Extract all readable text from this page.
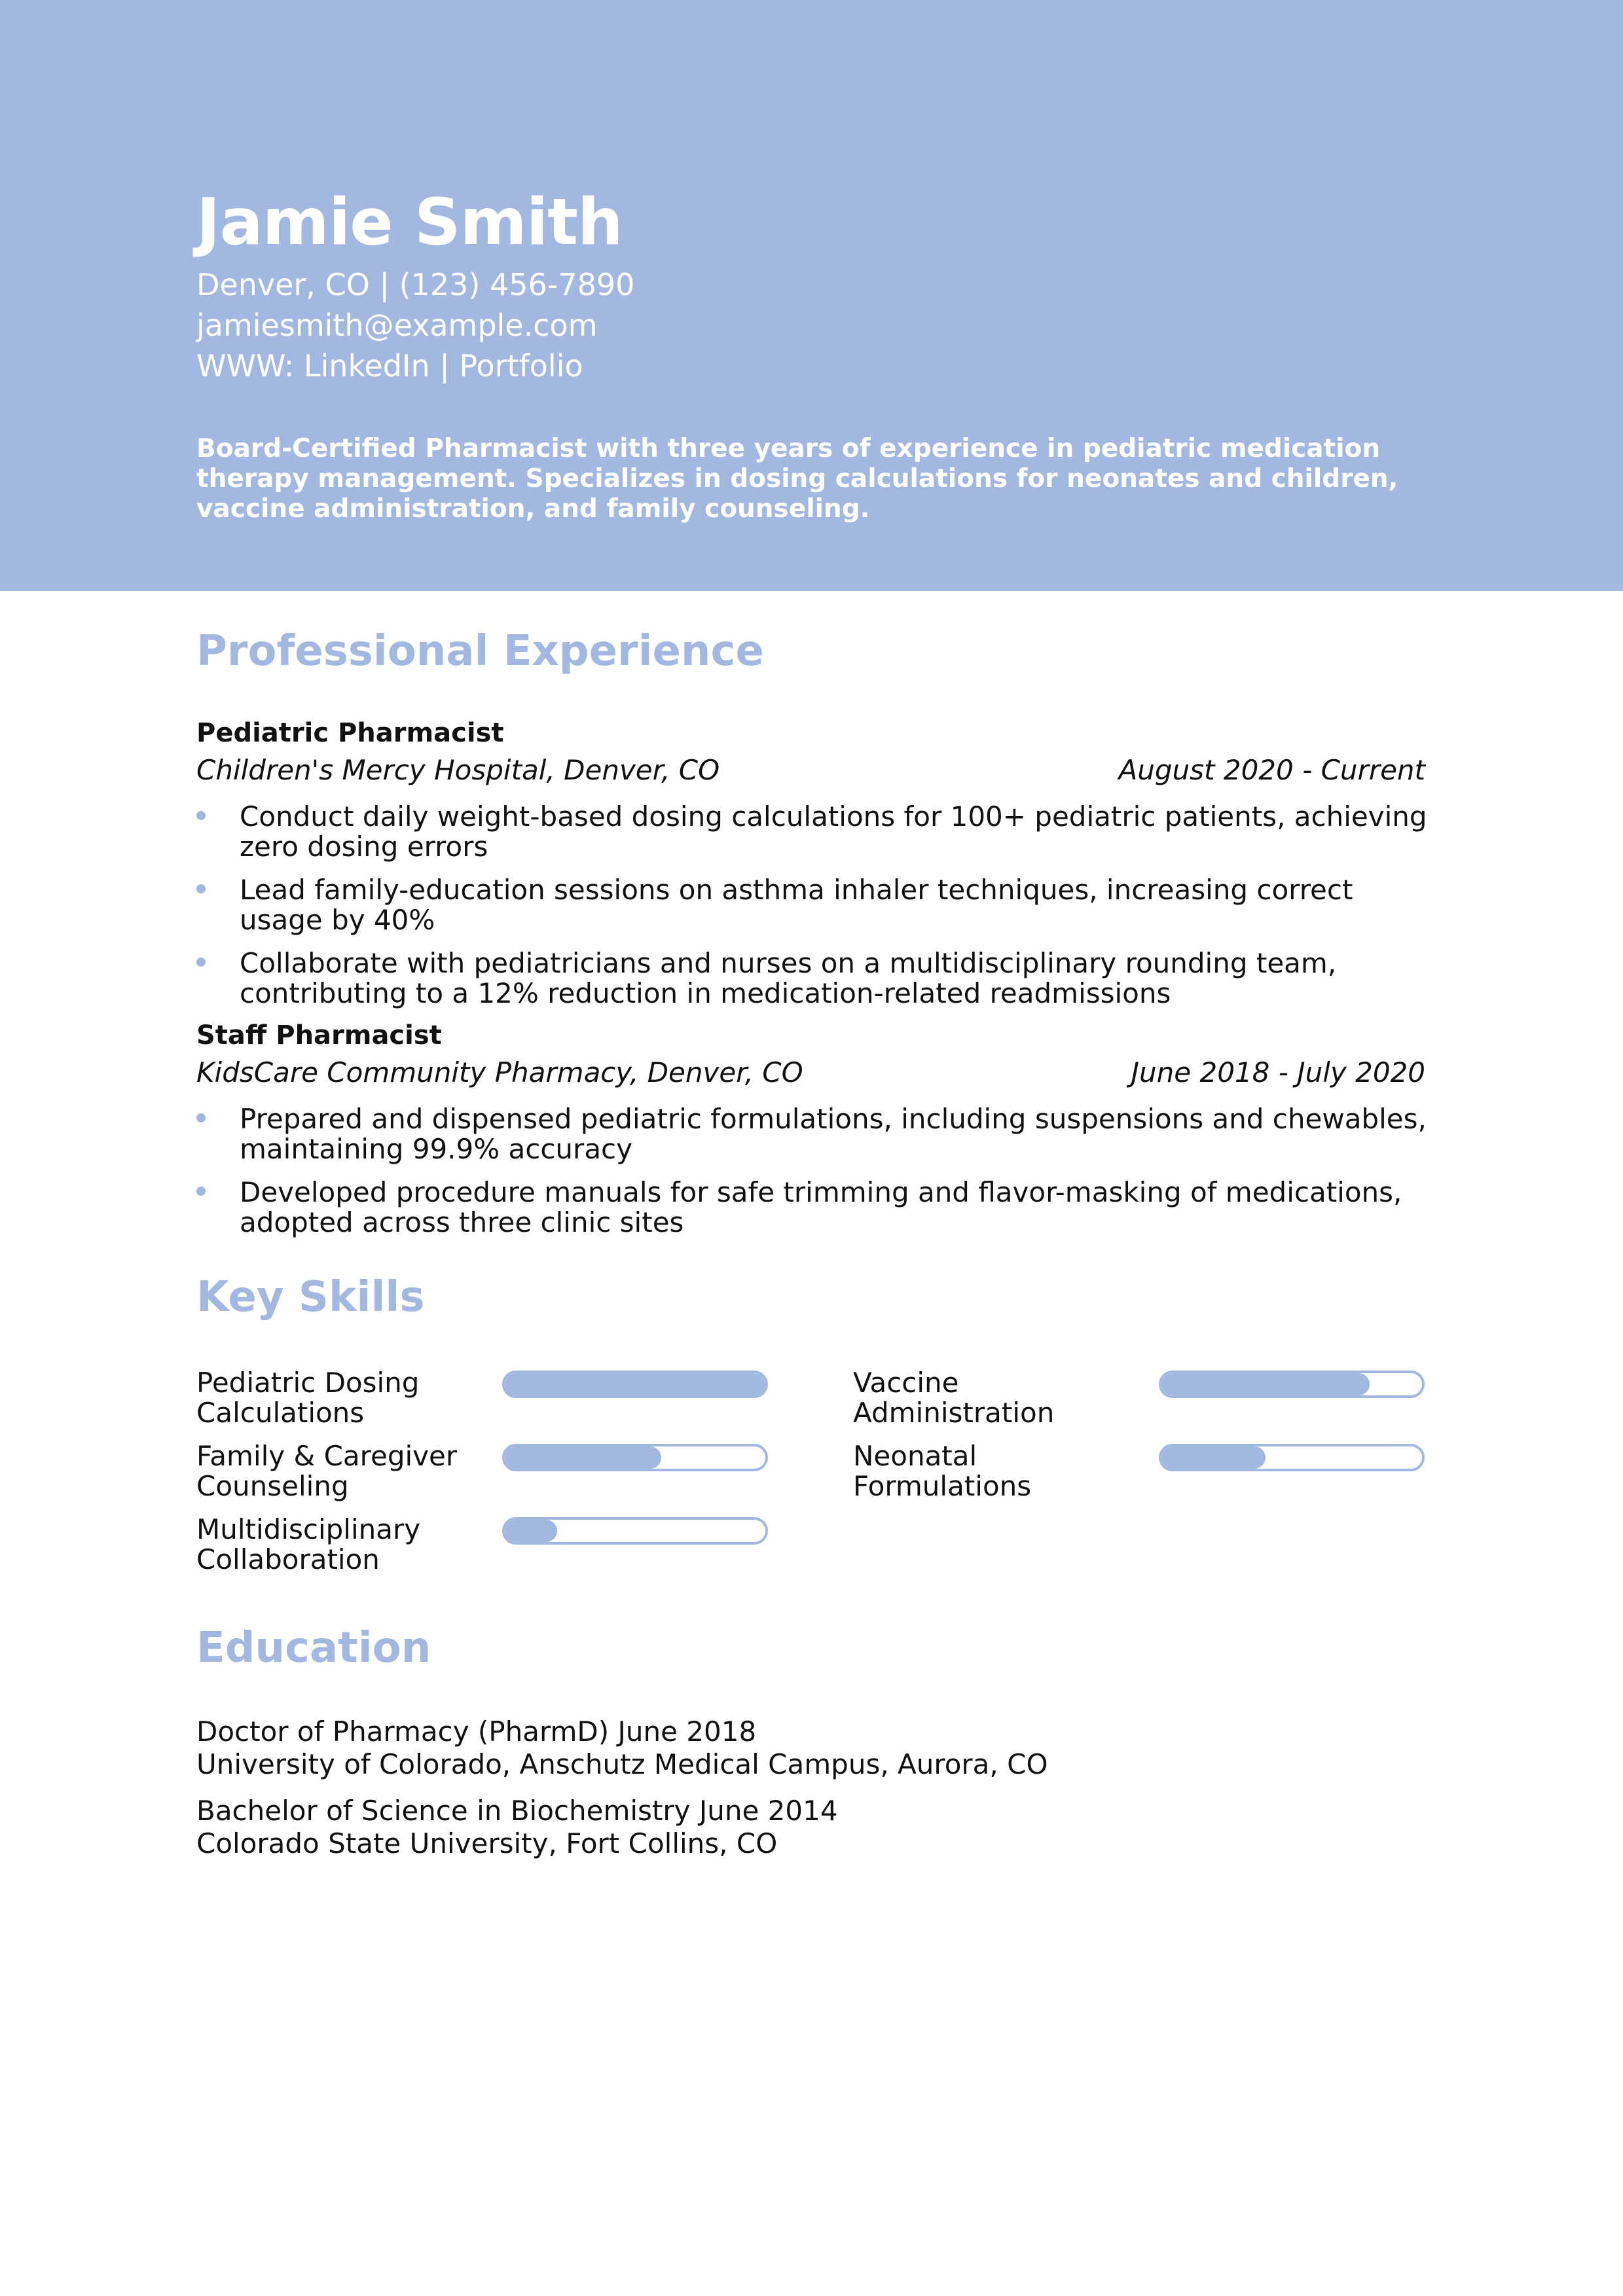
Jamie Smith
Denver, CO | (123) 456-7890
jamiesmith@example.com
WWW: LinkedIn | Portfolio
Board-Certified Pharmacist with three years of experience in pediatric medication therapy management. Specializes in dosing calculations for neonates and children, vaccine administration, and family counseling.
Professional Experience
Pediatric Pharmacist
Children's Mercy Hospital, Denver, CO	August 2020 - Current
Conduct daily weight-based dosing calculations for 100+ pediatric patients, achieving zero dosing errors
Lead family-education sessions on asthma inhaler techniques, increasing correct usage by 40%
Collaborate with pediatricians and nurses on a multidisciplinary rounding team, contributing to a 12% reduction in medication-related readmissions
Staff Pharmacist
KidsCare Community Pharmacy, Denver, CO	June 2018 - July 2020
Prepared and dispensed pediatric formulations, including suspensions and chewables, maintaining 99.9% accuracy
Developed procedure manuals for safe trimming and flavor-masking of medications, adopted across three clinic sites
Key Skills
Pediatric Dosing Calculations
Vaccine Administration
Family & Caregiver Counseling
Neonatal Formulations
Multidisciplinary Collaboration
Education
Doctor of Pharmacy (PharmD) June 2018
University of Colorado, Anschutz Medical Campus, Aurora, CO
Bachelor of Science in Biochemistry June 2014
Colorado State University, Fort Collins, CO
